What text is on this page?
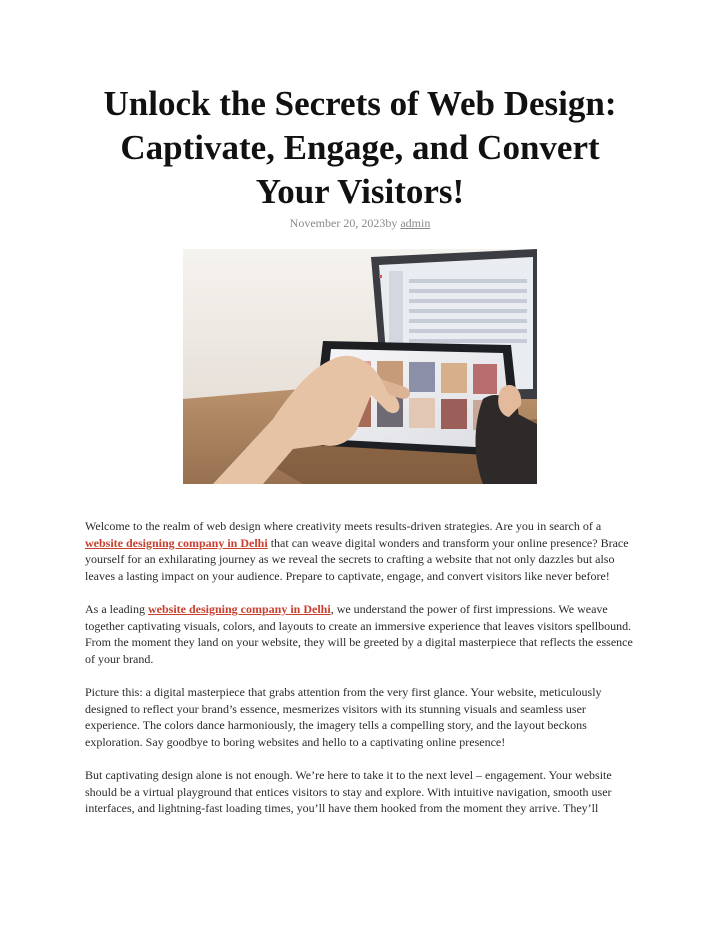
Unlock the Secrets of Web Design: Captivate, Engage, and Convert Your Visitors!
November 20, 2023by admin

Welcome to the realm of web design where creativity meets results-driven strategies. Are you in search of a website designing company in Delhi that can weave digital wonders and transform your online presence? Brace yourself for an exhilarating journey as we reveal the secrets to crafting a website that not only dazzles but also leaves a lasting impact on your audience. Prepare to captivate, engage, and convert visitors like never before!

As a leading website designing company in Delhi, we understand the power of first impressions. We weave together captivating visuals, colors, and layouts to create an immersive experience that leaves visitors spellbound. From the moment they land on your website, they will be greeted by a digital masterpiece that reflects the essence of your brand.

Picture this: a digital masterpiece that grabs attention from the very first glance. Your website, meticulously designed to reflect your brand’s essence, mesmerizes visitors with its stunning visuals and seamless user experience. The colors dance harmoniously, the imagery tells a compelling story, and the layout beckons exploration. Say goodbye to boring websites and hello to a captivating online presence!

But captivating design alone is not enough. We’re here to take it to the next level – engagement. Your website should be a virtual playground that entices visitors to stay and explore. With intuitive navigation, smooth user interfaces, and lightning-fast loading times, you’ll have them hooked from the moment they arrive. They’ll
